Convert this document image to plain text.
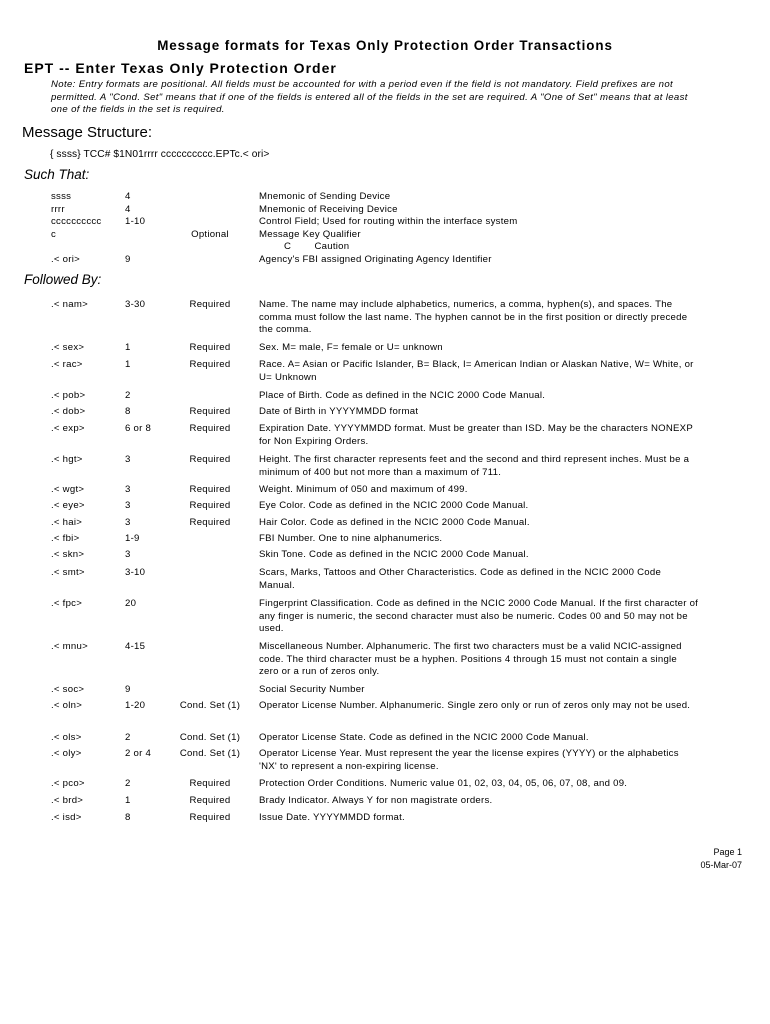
Message formats for Texas Only Protection Order Transactions
EPT -- Enter Texas Only Protection Order
Note: Entry formats are positional. All fields must be accounted for with a period even if the field is not mandatory. Field prefixes are not permitted. A "Cond. Set" means that if one of the fields is entered all of the fields in the set are required. A "One of Set" means that at least one of the fields in the set is required.
Message Structure:
{ ssss} TCC# $1N01rrrr cccccccccc.EPTc.< ori>
Such That:
ssss	4	Mnemonic of Sending Device
rrrr	4	Mnemonic of Receiving Device
cccccccccc 1-10	Control Field; Used for routing within the interface system
c	Optional	Message Key Qualifier
C        Caution
.< ori>	9	Agency's FBI assigned Originating Agency Identifier
Followed By:
.< nam>	3-30	Required	Name. The name may include alphabetics, numerics, a comma, hyphen(s), and spaces. The comma must follow the last name. The hyphen cannot be in the first position or directly precede the comma.
.< sex>	1	Required	Sex. M= male, F= female or U= unknown
.< rac>	1	Required	Race. A= Asian or Pacific Islander, B= Black, I= American Indian or Alaskan Native, W= White, or U= Unknown
.< pob>	2	Place of Birth. Code as defined in the NCIC 2000 Code Manual.
.< dob>	8	Required	Date of Birth in YYYYMMDD format
.< exp>	6 or 8	Required	Expiration Date. YYYYMMDD format. Must be greater than ISD. May be the characters NONEXP for Non Expiring Orders.
.< hgt>	3	Required	Height. The first character represents feet and the second and third represent inches. Must be a minimum of 400 but not more than a maximum of 711.
.< wgt>	3	Required	Weight. Minimum of 050 and maximum of 499.
.< eye>	3	Required	Eye Color. Code as defined in the NCIC 2000 Code Manual.
.< hai>	3	Required	Hair Color. Code as defined in the NCIC 2000 Code Manual.
.< fbi>	1-9	FBI Number. One to nine alphanumerics.
.< skn>	3	Skin Tone. Code as defined in the NCIC 2000 Code Manual.
.< smt>	3-10	Scars, Marks, Tattoos and Other Characteristics. Code as defined in the NCIC 2000 Code Manual.
.< fpc>	20	Fingerprint Classification. Code as defined in the NCIC 2000 Code Manual. If the first character of any finger is numeric, the second character must also be numeric. Codes 00 and 50 may not be used.
.< mnu>	4-15	Miscellaneous Number. Alphanumeric. The first two characters must be a valid NCIC-assigned code. The third character must be a hyphen. Positions 4 through 15 must not contain a single zero or a run of zeros only.
.< soc>	9	Social Security Number
.< oln>	1-20	Cond. Set (1)	Operator License Number. Alphanumeric. Single zero only or run of zeros only may not be used.
.< ols>	2	Cond. Set (1)	Operator License State. Code as defined in the NCIC 2000 Code Manual.
.< oly>	2 or 4	Cond. Set (1)	Operator License Year. Must represent the year the license expires (YYYY) or the alphabetics 'NX' to represent a non-expiring license.
.< pco>	2	Required	Protection Order Conditions. Numeric value 01, 02, 03, 04, 05, 06, 07, 08, and 09.
.< brd>	1	Required	Brady Indicator. Always Y for non magistrate orders.
.< isd>	8	Required	Issue Date. YYYYMMDD format.
Page 1
05-Mar-07
